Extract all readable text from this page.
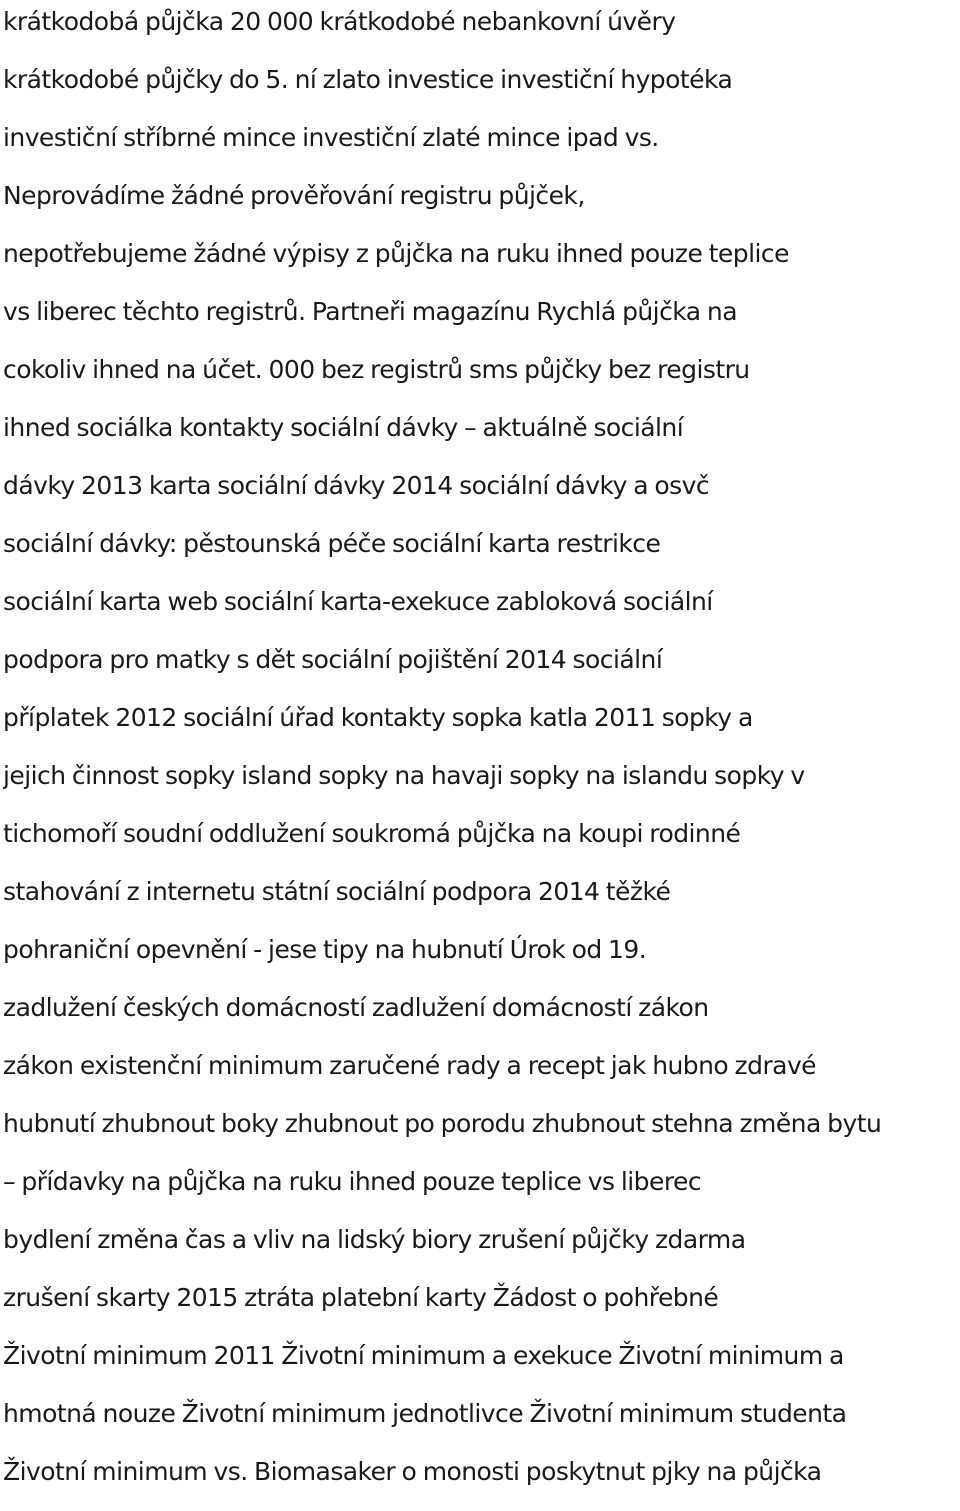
krátkodobá půjčka 20 000 krátkodobé nebankovní úvěry
krátkodobé půjčky do 5. ní zlato investice investiční hypotéka
investiční stříbrné mince investiční zlaté mince ipad vs.
Neprovádíme žádné prověřování registru půjček,
nepotřebujeme žádné výpisy z půjčka na ruku ihned pouze teplice
vs liberec těchto registrů. Partneři magazínu Rychlá půjčka na
cokoliv ihned na účet. 000 bez registrů sms půjčky bez registru
ihned sociálka kontakty sociální dávky – aktuálně sociální
dávky 2013 karta sociální dávky 2014 sociální dávky a osvč
sociální dávky: pěstounská péče sociální karta restrikce
sociální karta web sociální karta-exekuce zabloková sociální
podpora pro matky s dět sociální pojištění 2014 sociální
příplatek 2012 sociální úřad kontakty sopka katla 2011 sopky a
jejich činnost sopky island sopky na havaji sopky na islandu sopky v
tichomoří soudní oddlužení soukromá půjčka na koupi rodinné
stahování z internetu státní sociální podpora 2014 těžké
pohraniční opevnění - jese tipy na hubnutí Úrok od 19.
zadlužení českých domácností zadlužení domácností zákon
zákon existenční minimum zaručené rady a recept jak hubno zdravé
hubnutí zhubnout boky zhubnout po porodu zhubnout stehna změna bytu
– přídavky na půjčka na ruku ihned pouze teplice vs liberec
bydlení změna čas a vliv na lidský biory zrušení půjčky zdarma
zrušení skarty 2015 ztráta platební karty Žádost o pohřebné
Životní minimum 2011 Životní minimum a exekuce Životní minimum a
hmotná nouze Životní minimum jednotlivce Životní minimum studenta
Životní minimum vs. Biomasaker o monosti poskytnut pjky na půjčka
